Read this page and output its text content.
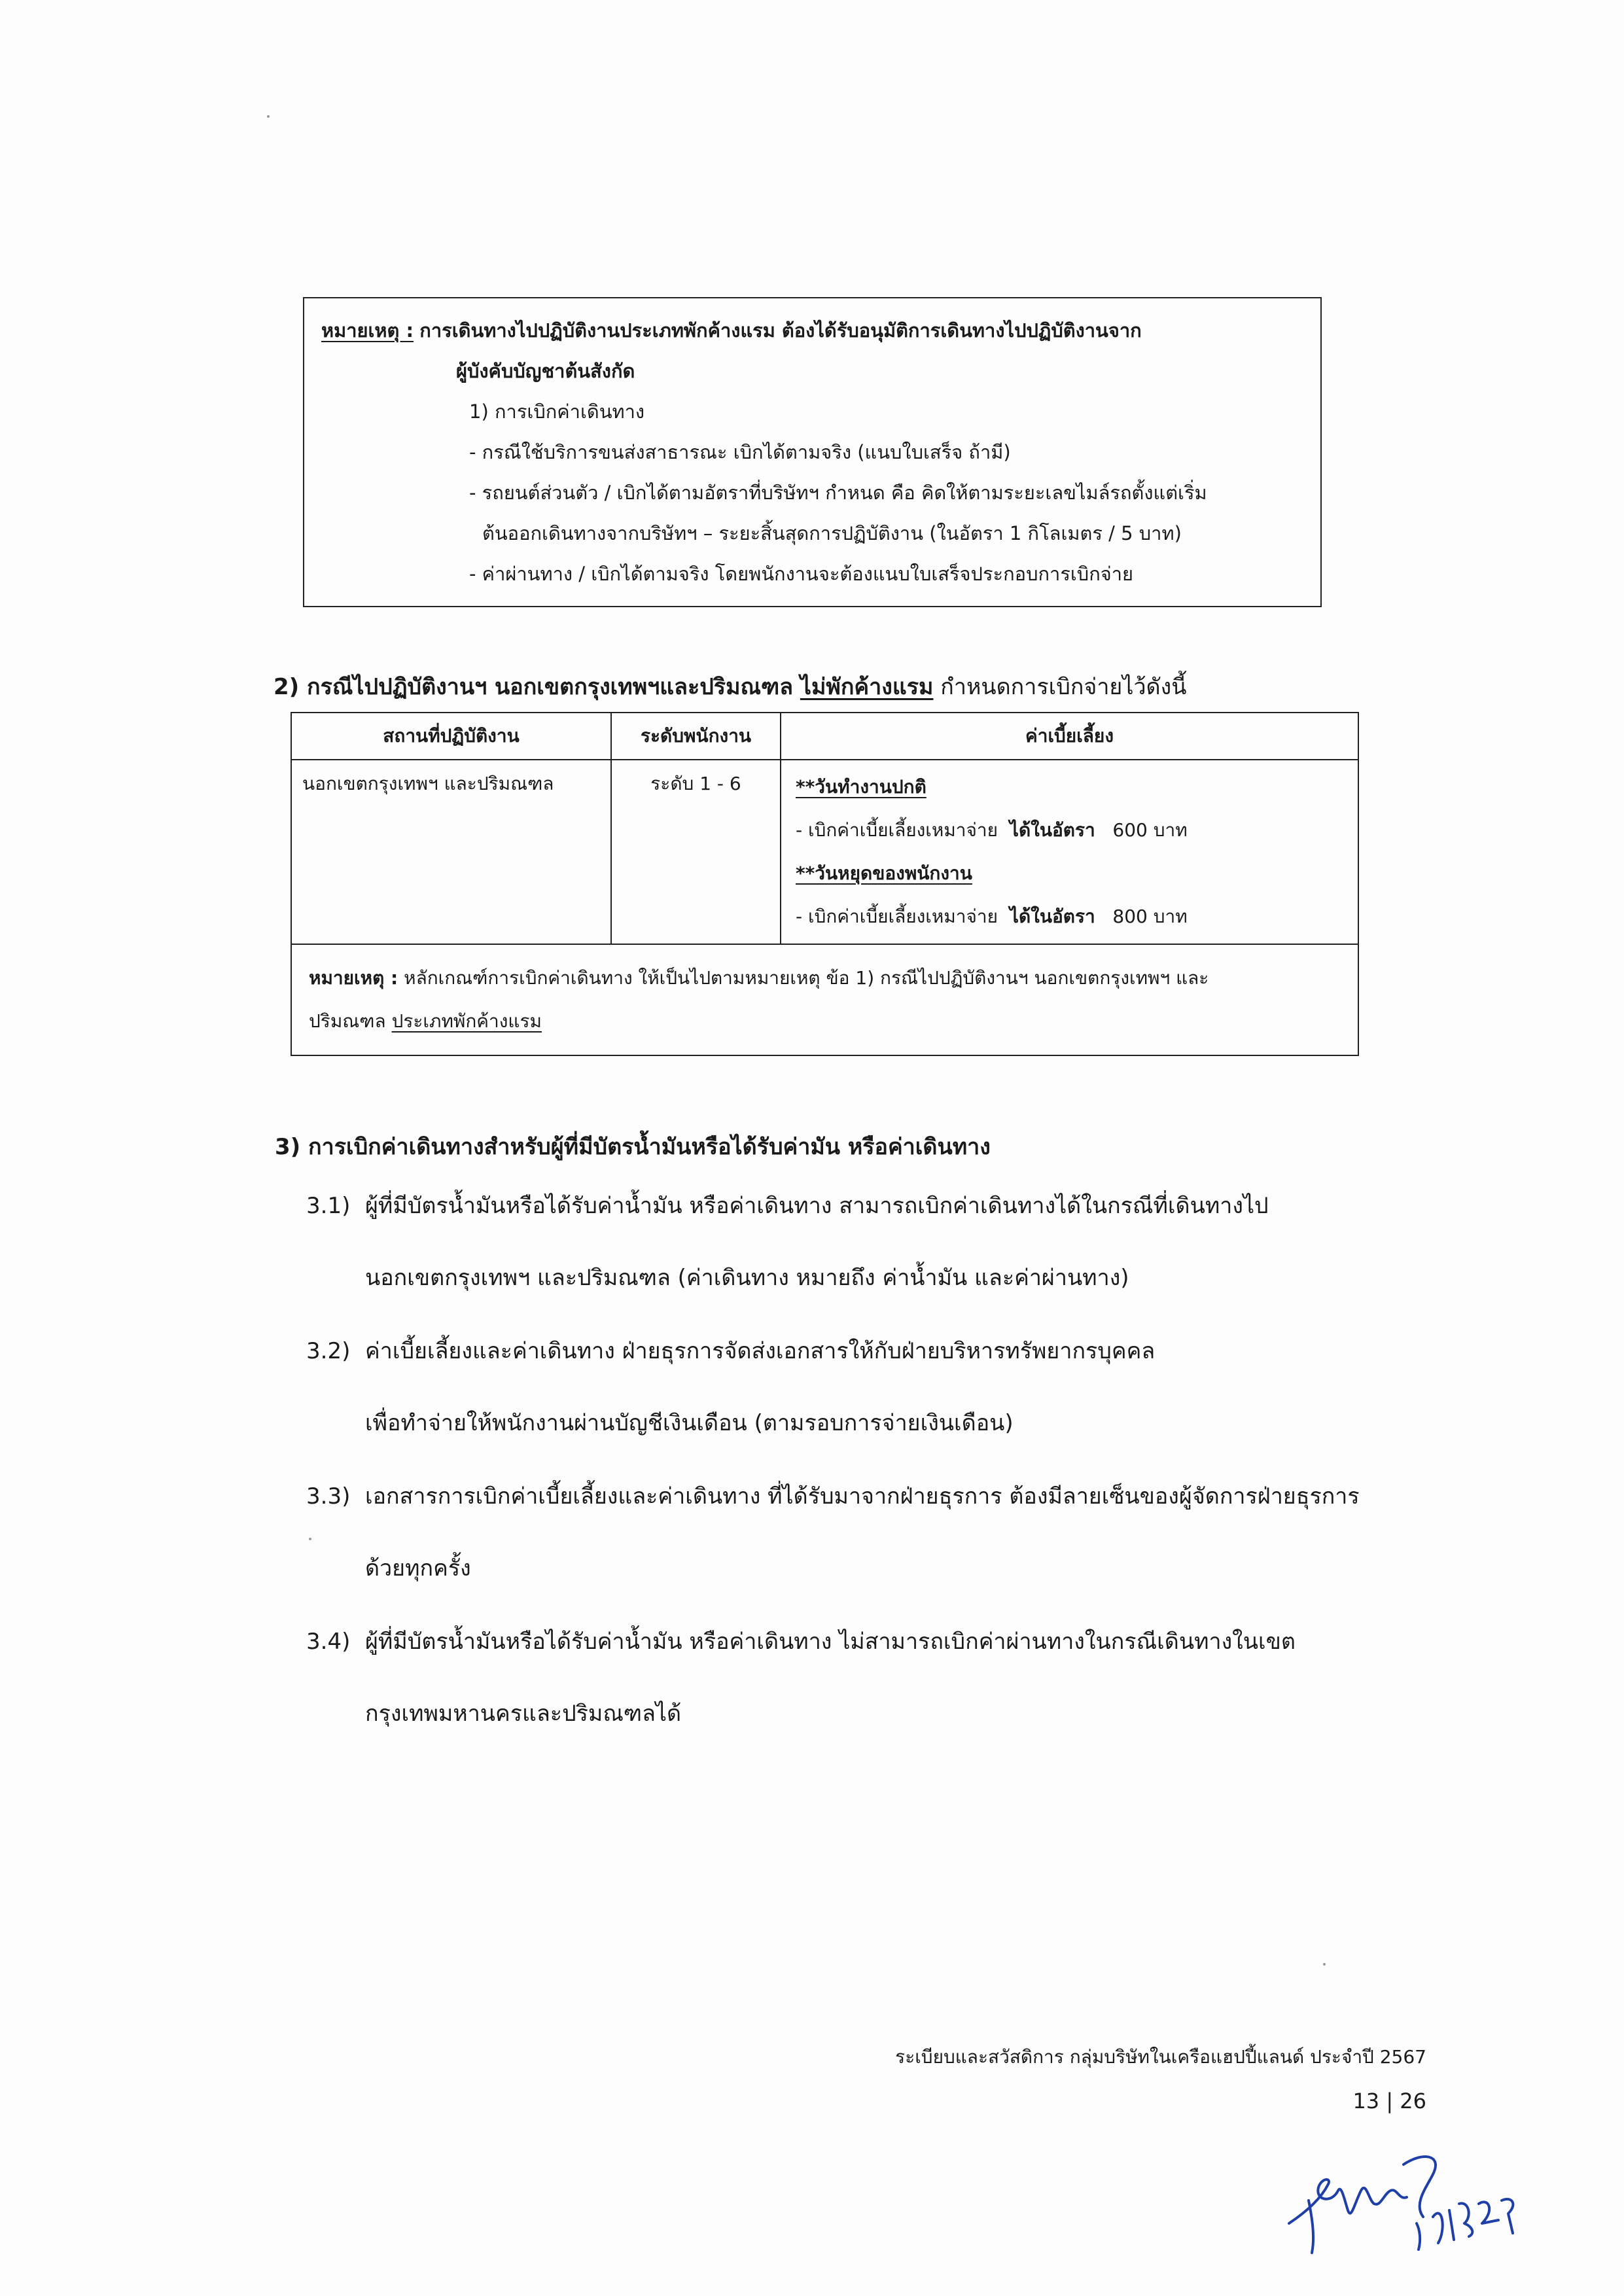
หมายเหตุ : การเดินทางไปปฏิบัติงานประเภทพักค้างแรม ต้องได้รับอนุมัติการเดินทางไปปฏิบัติงานจาก
ผู้บังคับบัญชาต้นสังกัด
1) การเบิกค่าเดินทาง
- กรณีใช้บริการขนส่งสาธารณะ เบิกได้ตามจริง (แนบใบเสร็จ ถ้ามี)
- รถยนต์ส่วนตัว / เบิกได้ตามอัตราที่บริษัทฯ กำหนด คือ คิดให้ตามระยะเลขไมล์รถตั้งแต่เริ่ม
ต้นออกเดินทางจากบริษัทฯ – ระยะสิ้นสุดการปฏิบัติงาน (ในอัตรา 1 กิโลเมตร / 5 บาท)
- ค่าผ่านทาง / เบิกได้ตามจริง โดยพนักงานจะต้องแนบใบเสร็จประกอบการเบิกจ่าย
2) กรณีไปปฏิบัติงานฯ นอกเขตกรุงเทพฯและปริมณฑล ไม่พักค้างแรม กำหนดการเบิกจ่ายไว้ดังนี้
สถานที่ปฏิบัติงาน	ระดับพนักงาน	ค่าเบี้ยเลี้ยง
นอกเขตกรุงเทพฯ และปริมณฑล	ระดับ 1 - 6	**วันทำงานปกติ
- เบิกค่าเบี้ยเลี้ยงเหมาจ่าย ได้ในอัตรา 600 บาท
**วันหยุดของพนักงาน
- เบิกค่าเบี้ยเลี้ยงเหมาจ่าย ได้ในอัตรา 800 บาท

หมายเหตุ : หลักเกณฑ์การเบิกค่าเดินทาง ให้เป็นไปตามหมายเหตุ ข้อ 1) กรณีไปปฏิบัติงานฯ นอกเขตกรุงเทพฯ และ
ปริมณฑล ประเภทพักค้างแรม		
3) การเบิกค่าเดินทางสำหรับผู้ที่มีบัตรน้ำมันหรือได้รับค่ามัน หรือค่าเดินทาง
3.1) ผู้ที่มีบัตรน้ำมันหรือได้รับค่าน้ำมัน หรือค่าเดินทาง สามารถเบิกค่าเดินทางได้ในกรณีที่เดินทางไป
นอกเขตกรุงเทพฯ และปริมณฑล (ค่าเดินทาง หมายถึง ค่าน้ำมัน และค่าผ่านทาง)
3.2) ค่าเบี้ยเลี้ยงและค่าเดินทาง ฝ่ายธุรการจัดส่งเอกสารให้กับฝ่ายบริหารทรัพยากรบุคคล
เพื่อทำจ่ายให้พนักงานผ่านบัญชีเงินเดือน (ตามรอบการจ่ายเงินเดือน)
3.3) เอกสารการเบิกค่าเบี้ยเลี้ยงและค่าเดินทาง ที่ได้รับมาจากฝ่ายธุรการ ต้องมีลายเซ็นของผู้จัดการฝ่ายธุรการ
ด้วยทุกครั้ง
3.4) ผู้ที่มีบัตรน้ำมันหรือได้รับค่าน้ำมัน หรือค่าเดินทาง ไม่สามารถเบิกค่าผ่านทางในกรณีเดินทางในเขต
กรุงเทพมหานครและปริมณฑลได้
ระเบียบและสวัสดิการ กลุ่มบริษัทในเครือแฮปปี้แลนด์ ประจำปี 2567
13 | 26
